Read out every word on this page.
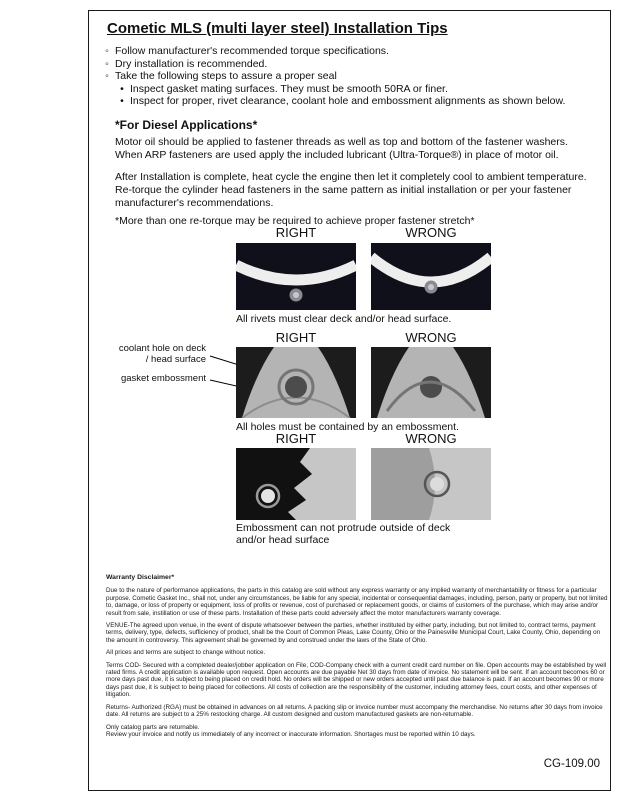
Cometic MLS (multi layer steel) Installation Tips
◦ Follow manufacturer's recommended torque specifications.
◦ Dry installation is recommended.
◦ Take the following steps to assure a proper seal
• Inspect gasket mating surfaces. They must be smooth 50RA or finer.
• Inspect for proper, rivet clearance, coolant hole and embossment alignments as shown below.
*For Diesel Applications*
Motor oil should be applied to fastener threads as well as top and bottom of the fastener washers. When ARP fasteners are used apply the included lubricant (Ultra-Torque®) in place of motor oil.
After Installation is complete, heat cycle the engine then let it completely cool to ambient temperature. Re-torque the cylinder head fasteners in the same pattern as initial installation or per your fastener manufacturer's recommendations.
*More than one re-torque may be required to achieve proper fastener stretch*
RIGHT	WRONG
All rivets must clear deck and/or head surface.
RIGHT	WRONG
coolant hole on deck / head surface
gasket embossment
All holes must be contained by an embossment.
RIGHT	WRONG
Embossment can not protrude outside of deck and/or head surface
Warranty Disclaimer*
Due to the nature of performance applications, the parts in this catalog are sold without any express warranty or any implied warranty of merchantability or fitness for a particular purpose. Cometic Gasket Inc., shall not, under any circumstances, be liable for any special, incidental or consequential damages, including, person, party or property, but not limited to, damage, or loss of property or equipment, loss of profits or revenue, cost of purchased or replacement goods, or claims of customers of the purchase, which may arise and/or result from sale, instillation or use of these parts. Installation of these parts could adversely affect the motor manufacturers warranty coverage.
VENUE-The agreed upon venue, in the event of dispute whatsoever between the parties, whether instituted by either party, including, but not limited to, contract terms, payment terms, delivery, type, defects, sufficiency of product, shall be the Court of Common Pleas, Lake County, Ohio or the Painesville Municipal Court, Lake County, Ohio, depending on the amount in controversy. This agreement shall be governed by and construed under the laws of the State of Ohio.
All prices and terms are subject to change without notice.
Terms COD- Secured with a completed dealer/jobber application on File, COD-Company check with a current credit card number on file. Open accounts may be established by well rated firms. A credit application is available upon request. Open accounts are due payable Net 30 days from date of invoice. No statement will be sent. If an account becomes 60 or more days past due, it is subject to being placed on credit hold. No orders will be shipped or new orders accepted until past due balance is paid. If an account becomes 90 or more days past due, it is subject to being placed for collections. All costs of collection are the responsibility of the customer, including attorney fees, court costs, and other expenses of litigation.
Returns- Authorized (RGA) must be obtained in advances on all returns. A packing slip or invoice number must accompany the merchandise. No returns after 30 days from invoice date. All returns are subject to a 25% restocking charge. All custom designed and custom manufactured gaskets are non-returnable.
Only catalog parts are returnable.
Review your invoice and notify us immediately of any incorrect or inaccurate information. Shortages must be reported within 10 days.
CG-109.00
